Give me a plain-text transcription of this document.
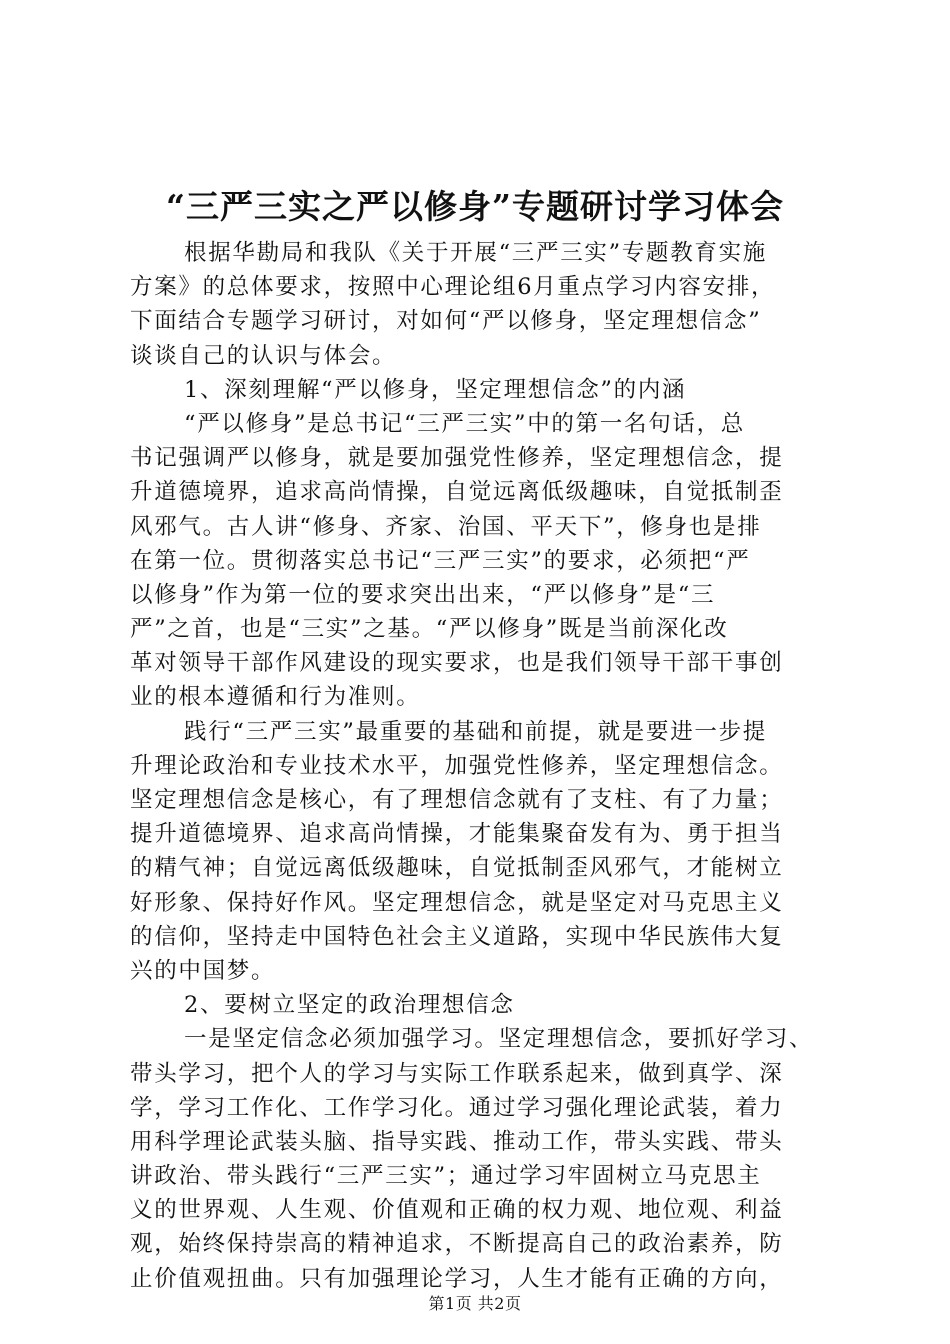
“三严三实之严以修身”专题研讨学习体会
根据华勘局和我队《关于开展“三严三实”专题教育实施
方案》的总体要求，按照中心理论组6月重点学习内容安排，
下面结合专题学习研讨，对如何“严以修身，坚定理想信念”
谈谈自己的认识与体会。
1、深刻理解“严以修身，坚定理想信念”的内涵
“严以修身”是总书记“三严三实”中的第一名句话，总
书记强调严以修身，就是要加强党性修养，坚定理想信念，提
升道德境界，追求高尚情操，自觉远离低级趣味，自觉抵制歪
风邪气。古人讲“修身、齐家、治国、平天下”，修身也是排
在第一位。贯彻落实总书记“三严三实”的要求，必须把“严
以修身”作为第一位的要求突出出来，“严以修身”是“三
严”之首，也是“三实”之基。“严以修身”既是当前深化改
革对领导干部作风建设的现实要求，也是我们领导干部干事创
业的根本遵循和行为准则。
践行“三严三实”最重要的基础和前提，就是要进一步提
升理论政治和专业技术水平，加强党性修养，坚定理想信念。
坚定理想信念是核心，有了理想信念就有了支柱、有了力量；
提升道德境界、追求高尚情操，才能集聚奋发有为、勇于担当
的精气神；自觉远离低级趣味，自觉抵制歪风邪气，才能树立
好形象、保持好作风。坚定理想信念，就是坚定对马克思主义
的信仰，坚持走中国特色社会主义道路，实现中华民族伟大复
兴的中国梦。
2、要树立坚定的政治理想信念
一是坚定信念必须加强学习。坚定理想信念，要抓好学习、
带头学习，把个人的学习与实际工作联系起来，做到真学、深
学，学习工作化、工作学习化。通过学习强化理论武装，着力
用科学理论武装头脑、指导实践、推动工作，带头实践、带头
讲政治、带头践行“三严三实”；通过学习牢固树立马克思主
义的世界观、人生观、价值观和正确的权力观、地位观、利益
观，始终保持崇高的精神追求，不断提高自己的政治素养，防
止价值观扭曲。只有加强理论学习，人生才能有正确的方向，
第1页 共2页
